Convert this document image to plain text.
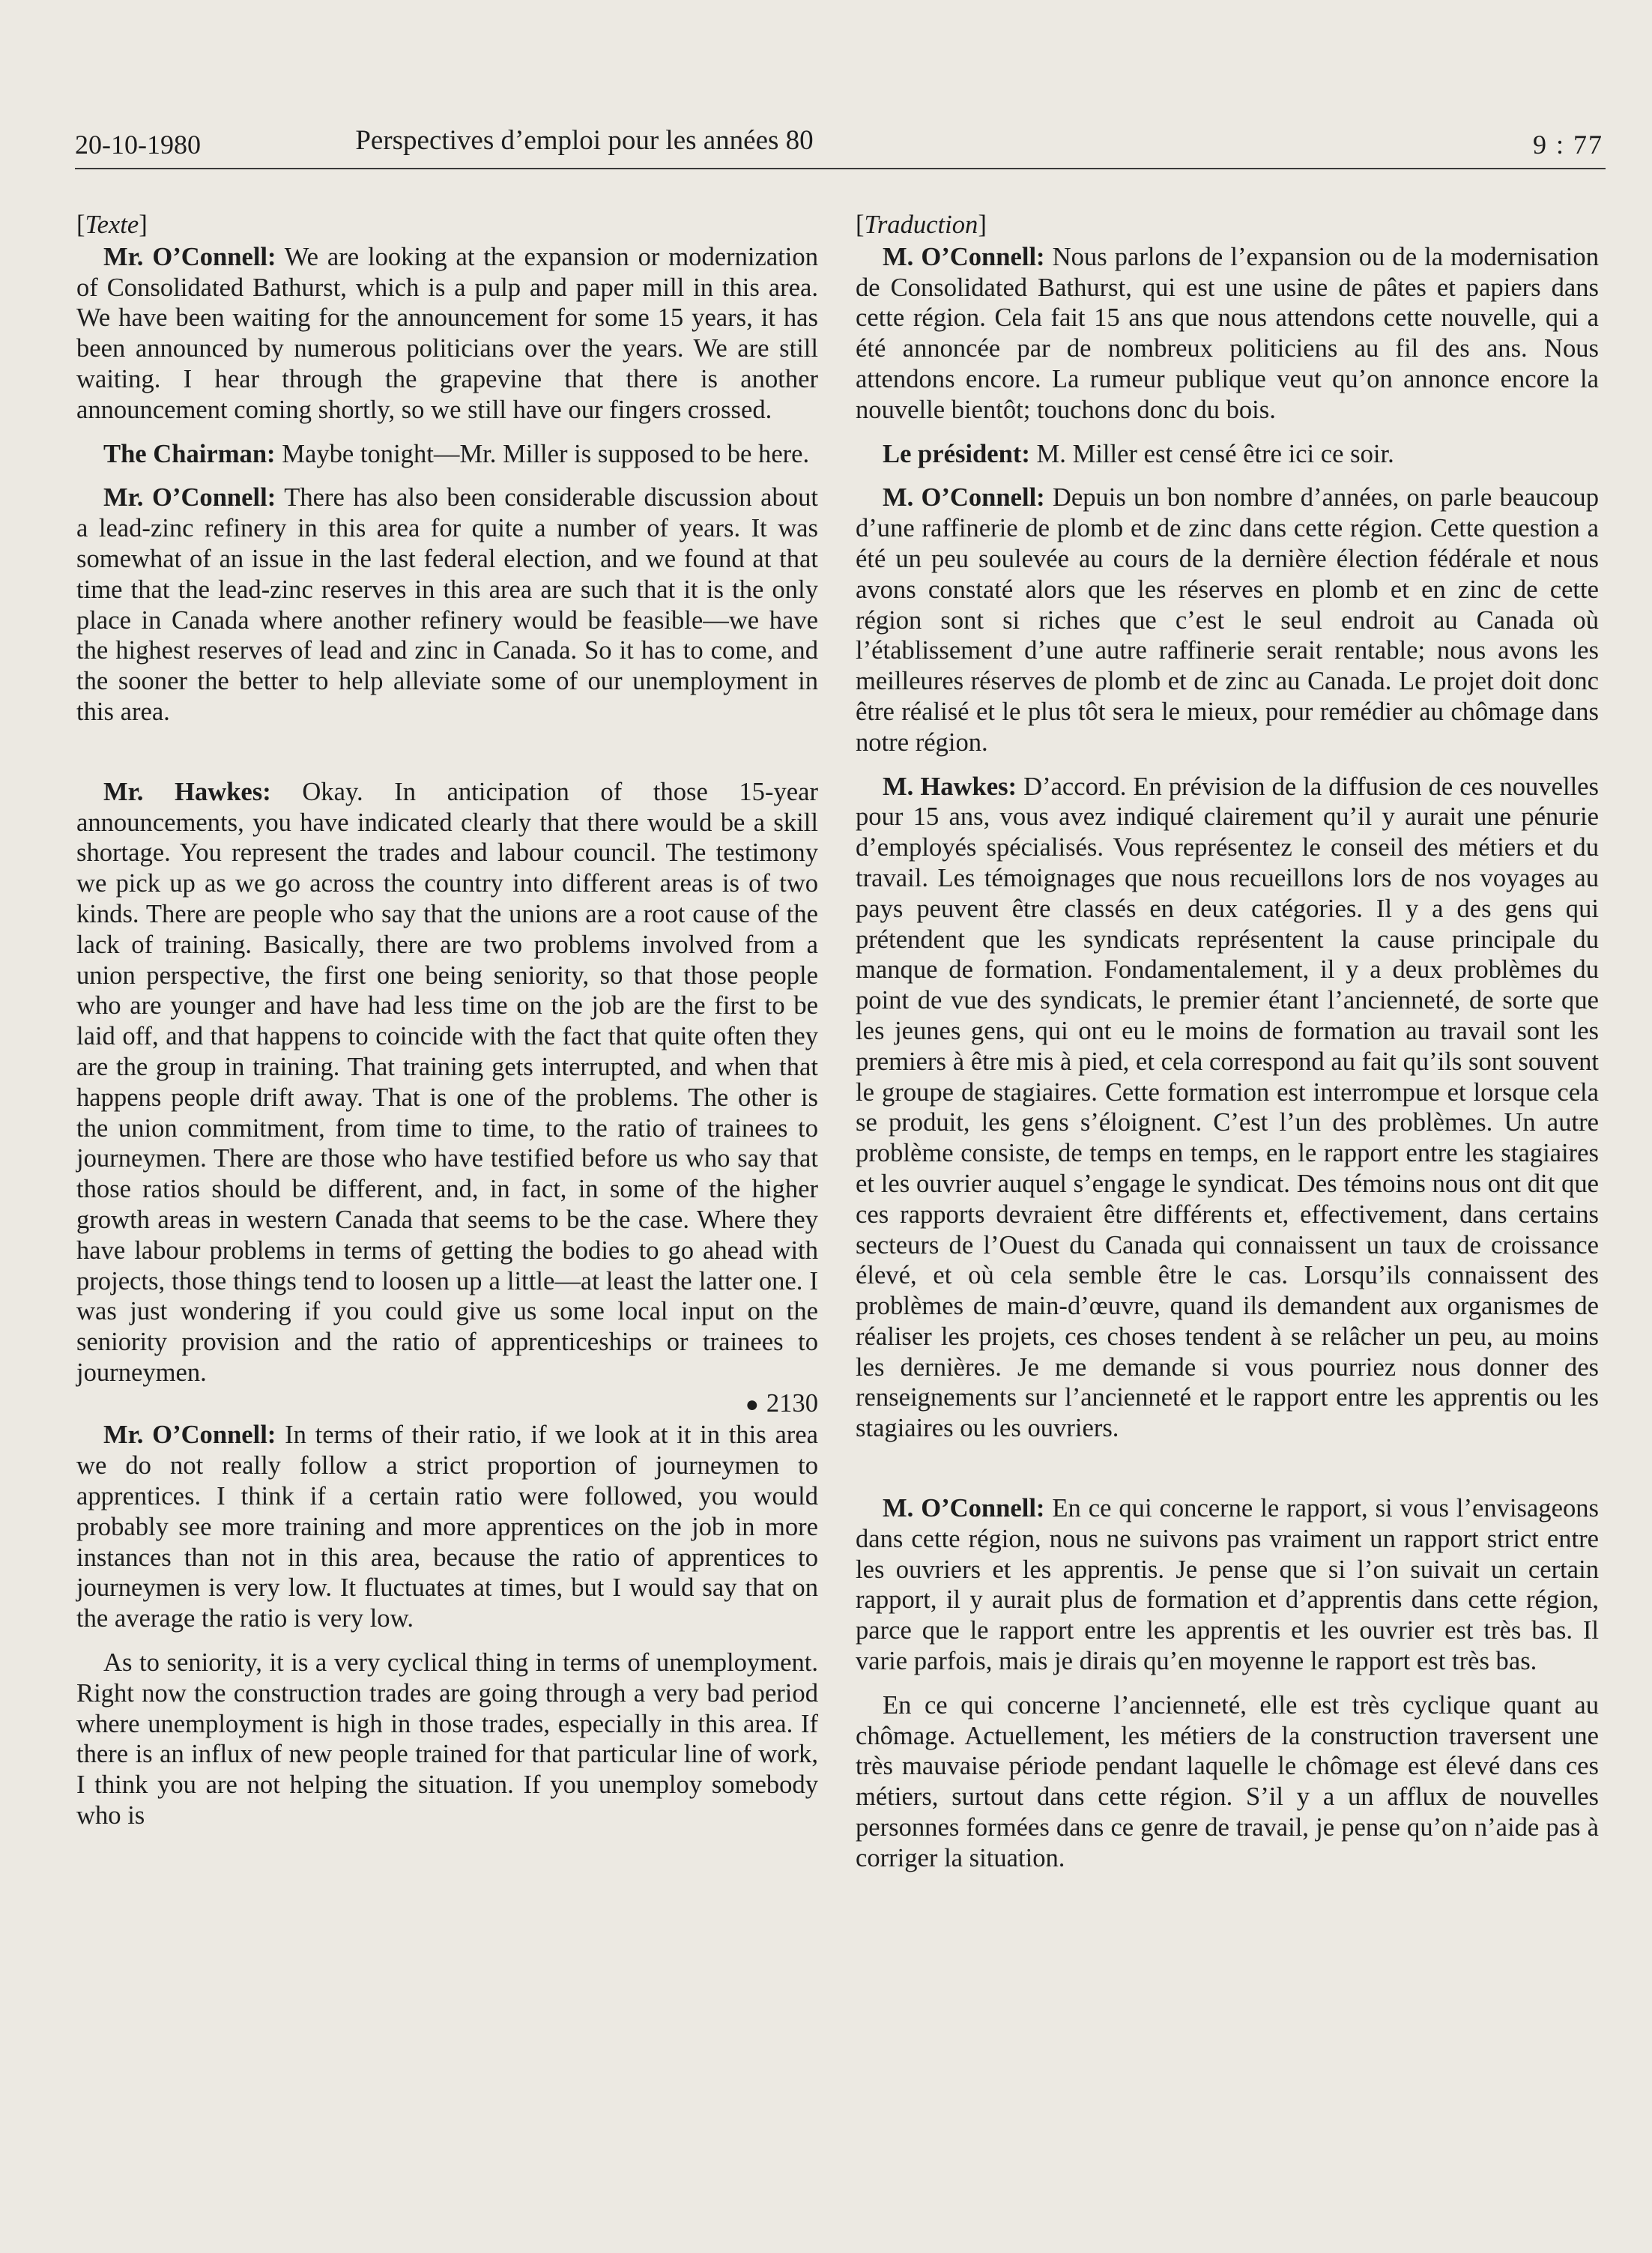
20-10-1980	Perspectives d’emploi pour les années 80	9 : 77

[Texte]

Mr. O’Connell: We are looking at the expansion or modernization of Consolidated Bathurst, which is a pulp and paper mill in this area. We have been waiting for the announcement for some 15 years, it has been announced by numerous politicians over the years. We are still waiting. I hear through the grapevine that there is another announcement coming shortly, so we still have our fingers crossed.

The Chairman: Maybe tonight—Mr. Miller is supposed to be here.

Mr. O’Connell: There has also been considerable discussion about a lead-zinc refinery in this area for quite a number of years. It was somewhat of an issue in the last federal election, and we found at that time that the lead-zinc reserves in this area are such that it is the only place in Canada where another refinery would be feasible—we have the highest reserves of lead and zinc in Canada. So it has to come, and the sooner the better to help alleviate some of our unemployment in this area.

Mr. Hawkes: Okay. In anticipation of those 15-year announcements, you have indicated clearly that there would be a skill shortage. You represent the trades and labour council. The testimony we pick up as we go across the country into different areas is of two kinds. There are people who say that the unions are a root cause of the lack of training. Basically, there are two problems involved from a union perspective, the first one being seniority, so that those people who are younger and have had less time on the job are the first to be laid off, and that happens to coincide with the fact that quite often they are the group in training. That training gets interrupted, and when that happens people drift away. That is one of the problems. The other is the union commitment, from time to time, to the ratio of trainees to journeymen. There are those who have testified before us who say that those ratios should be different, and, in fact, in some of the higher growth areas in western Canada that seems to be the case. Where they have labour problems in terms of getting the bodies to go ahead with projects, those things tend to loosen up a little—at least the latter one. I was just wondering if you could give us some local input on the seniority provision and the ratio of apprenticeships or trainees to journeymen.

● 2130

Mr. O’Connell: In terms of their ratio, if we look at it in this area we do not really follow a strict proportion of journeymen to apprentices. I think if a certain ratio were followed, you would probably see more training and more apprentices on the job in more instances than not in this area, because the ratio of apprentices to journeymen is very low. It fluctuates at times, but I would say that on the average the ratio is very low.

As to seniority, it is a very cyclical thing in terms of unemployment. Right now the construction trades are going through a very bad period where unemployment is high in those trades, especially in this area. If there is an influx of new people trained for that particular line of work, I think you are not helping the situation. If you unemploy somebody who is

[Traduction]

M. O’Connell: Nous parlons de l’expansion ou de la modernisation de Consolidated Bathurst, qui est une usine de pâtes et papiers dans cette région. Cela fait 15 ans que nous attendons cette nouvelle, qui a été annoncée par de nombreux politiciens au fil des ans. Nous attendons encore. La rumeur publique veut qu’on annonce encore la nouvelle bientôt; touchons donc du bois.

Le président: M. Miller est censé être ici ce soir.

M. O’Connell: Depuis un bon nombre d’années, on parle beaucoup d’une raffinerie de plomb et de zinc dans cette région. Cette question a été un peu soulevée au cours de la dernière élection fédérale et nous avons constaté alors que les réserves en plomb et en zinc de cette région sont si riches que c’est le seul endroit au Canada où l’établissement d’une autre raffinerie serait rentable; nous avons les meilleures réserves de plomb et de zinc au Canada. Le projet doit donc être réalisé et le plus tôt sera le mieux, pour remédier au chômage dans notre région.

M. Hawkes: D’accord. En prévision de la diffusion de ces nouvelles pour 15 ans, vous avez indiqué clairement qu’il y aurait une pénurie d’employés spécialisés. Vous représentez le conseil des métiers et du travail. Les témoignages que nous recueillons lors de nos voyages au pays peuvent être classés en deux catégories. Il y a des gens qui prétendent que les syndicats représentent la cause principale du manque de formation. Fondamentalement, il y a deux problèmes du point de vue des syndicats, le premier étant l’ancienneté, de sorte que les jeunes gens, qui ont eu le moins de formation au travail sont les premiers à être mis à pied, et cela correspond au fait qu’ils sont souvent le groupe de stagiaires. Cette formation est interrompue et lorsque cela se produit, les gens s’éloignent. C’est l’un des problèmes. Un autre problème consiste, de temps en temps, en le rapport entre les stagiaires et les ouvrier auquel s’engage le syndicat. Des témoins nous ont dit que ces rapports devraient être différents et, effectivement, dans certains secteurs de l’Ouest du Canada qui connaissent un taux de croissance élevé, et où cela semble être le cas. Lorsqu’ils connaissent des problèmes de main-d’œuvre, quand ils demandent aux organismes de réaliser les projets, ces choses tendent à se relâcher un peu, au moins les dernières. Je me demande si vous pourriez nous donner des renseignements sur l’ancienneté et le rapport entre les apprentis ou les stagiaires ou les ouvriers.

M. O’Connell: En ce qui concerne le rapport, si vous l’envisageons dans cette région, nous ne suivons pas vraiment un rapport strict entre les ouvriers et les apprentis. Je pense que si l’on suivait un certain rapport, il y aurait plus de formation et d’apprentis dans cette région, parce que le rapport entre les apprentis et les ouvrier est très bas. Il varie parfois, mais je dirais qu’en moyenne le rapport est très bas.

En ce qui concerne l’ancienneté, elle est très cyclique quant au chômage. Actuellement, les métiers de la construction traversent une très mauvaise période pendant laquelle le chômage est élevé dans ces métiers, surtout dans cette région. S’il y a un afflux de nouvelles personnes formées dans ce genre de travail, je pense qu’on n’aide pas à corriger la situation.
